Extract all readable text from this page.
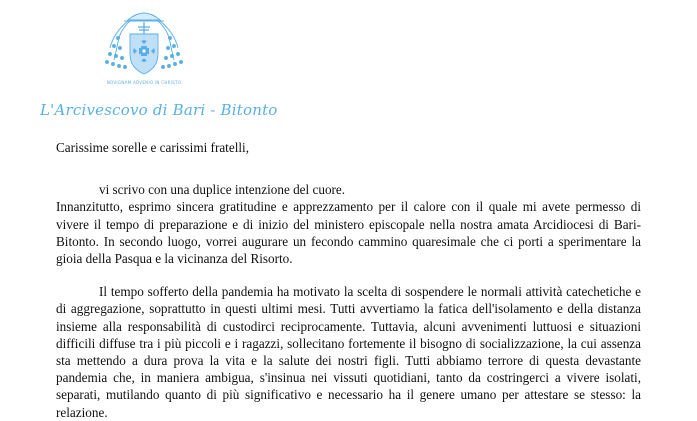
NOVIGNAM ADVENIO IN CHRISTO
L'Arcivescovo di Bari - Bitonto

Carissime sorelle e carissimi fratelli,

vi scrivo con una duplice intenzione del cuore.

Innanzitutto, esprimo sincera gratitudine e apprezzamento per il calore con il quale mi avete permesso di vivere il tempo di preparazione e di inizio del ministero episcopale nella nostra amata Arcidiocesi di Bari-Bitonto. In secondo luogo, vorrei augurare un fecondo cammino quaresimale che ci porti a sperimentare la gioia della Pasqua e la vicinanza del Risorto.

Il tempo sofferto della pandemia ha motivato la scelta di sospendere le normali attività catechetiche e di aggregazione, soprattutto in questi ultimi mesi. Tutti avvertiamo la fatica dell'isolamento e della distanza insieme alla responsabilità di custodirci reciprocamente. Tuttavia, alcuni avvenimenti luttuosi e situazioni difficili diffuse tra i più piccoli e i ragazzi, sollecitano fortemente il bisogno di socializzazione, la cui assenza sta mettendo a dura prova la vita e la salute dei nostri figli. Tutti abbiamo terrore di questa devastante pandemia che, in maniera ambigua, s'insinua nei vissuti quotidiani, tanto da costringerci a vivere isolati, separati, mutilando quanto di più significativo e necessario ha il genere umano per attestare se stesso: la relazione.
